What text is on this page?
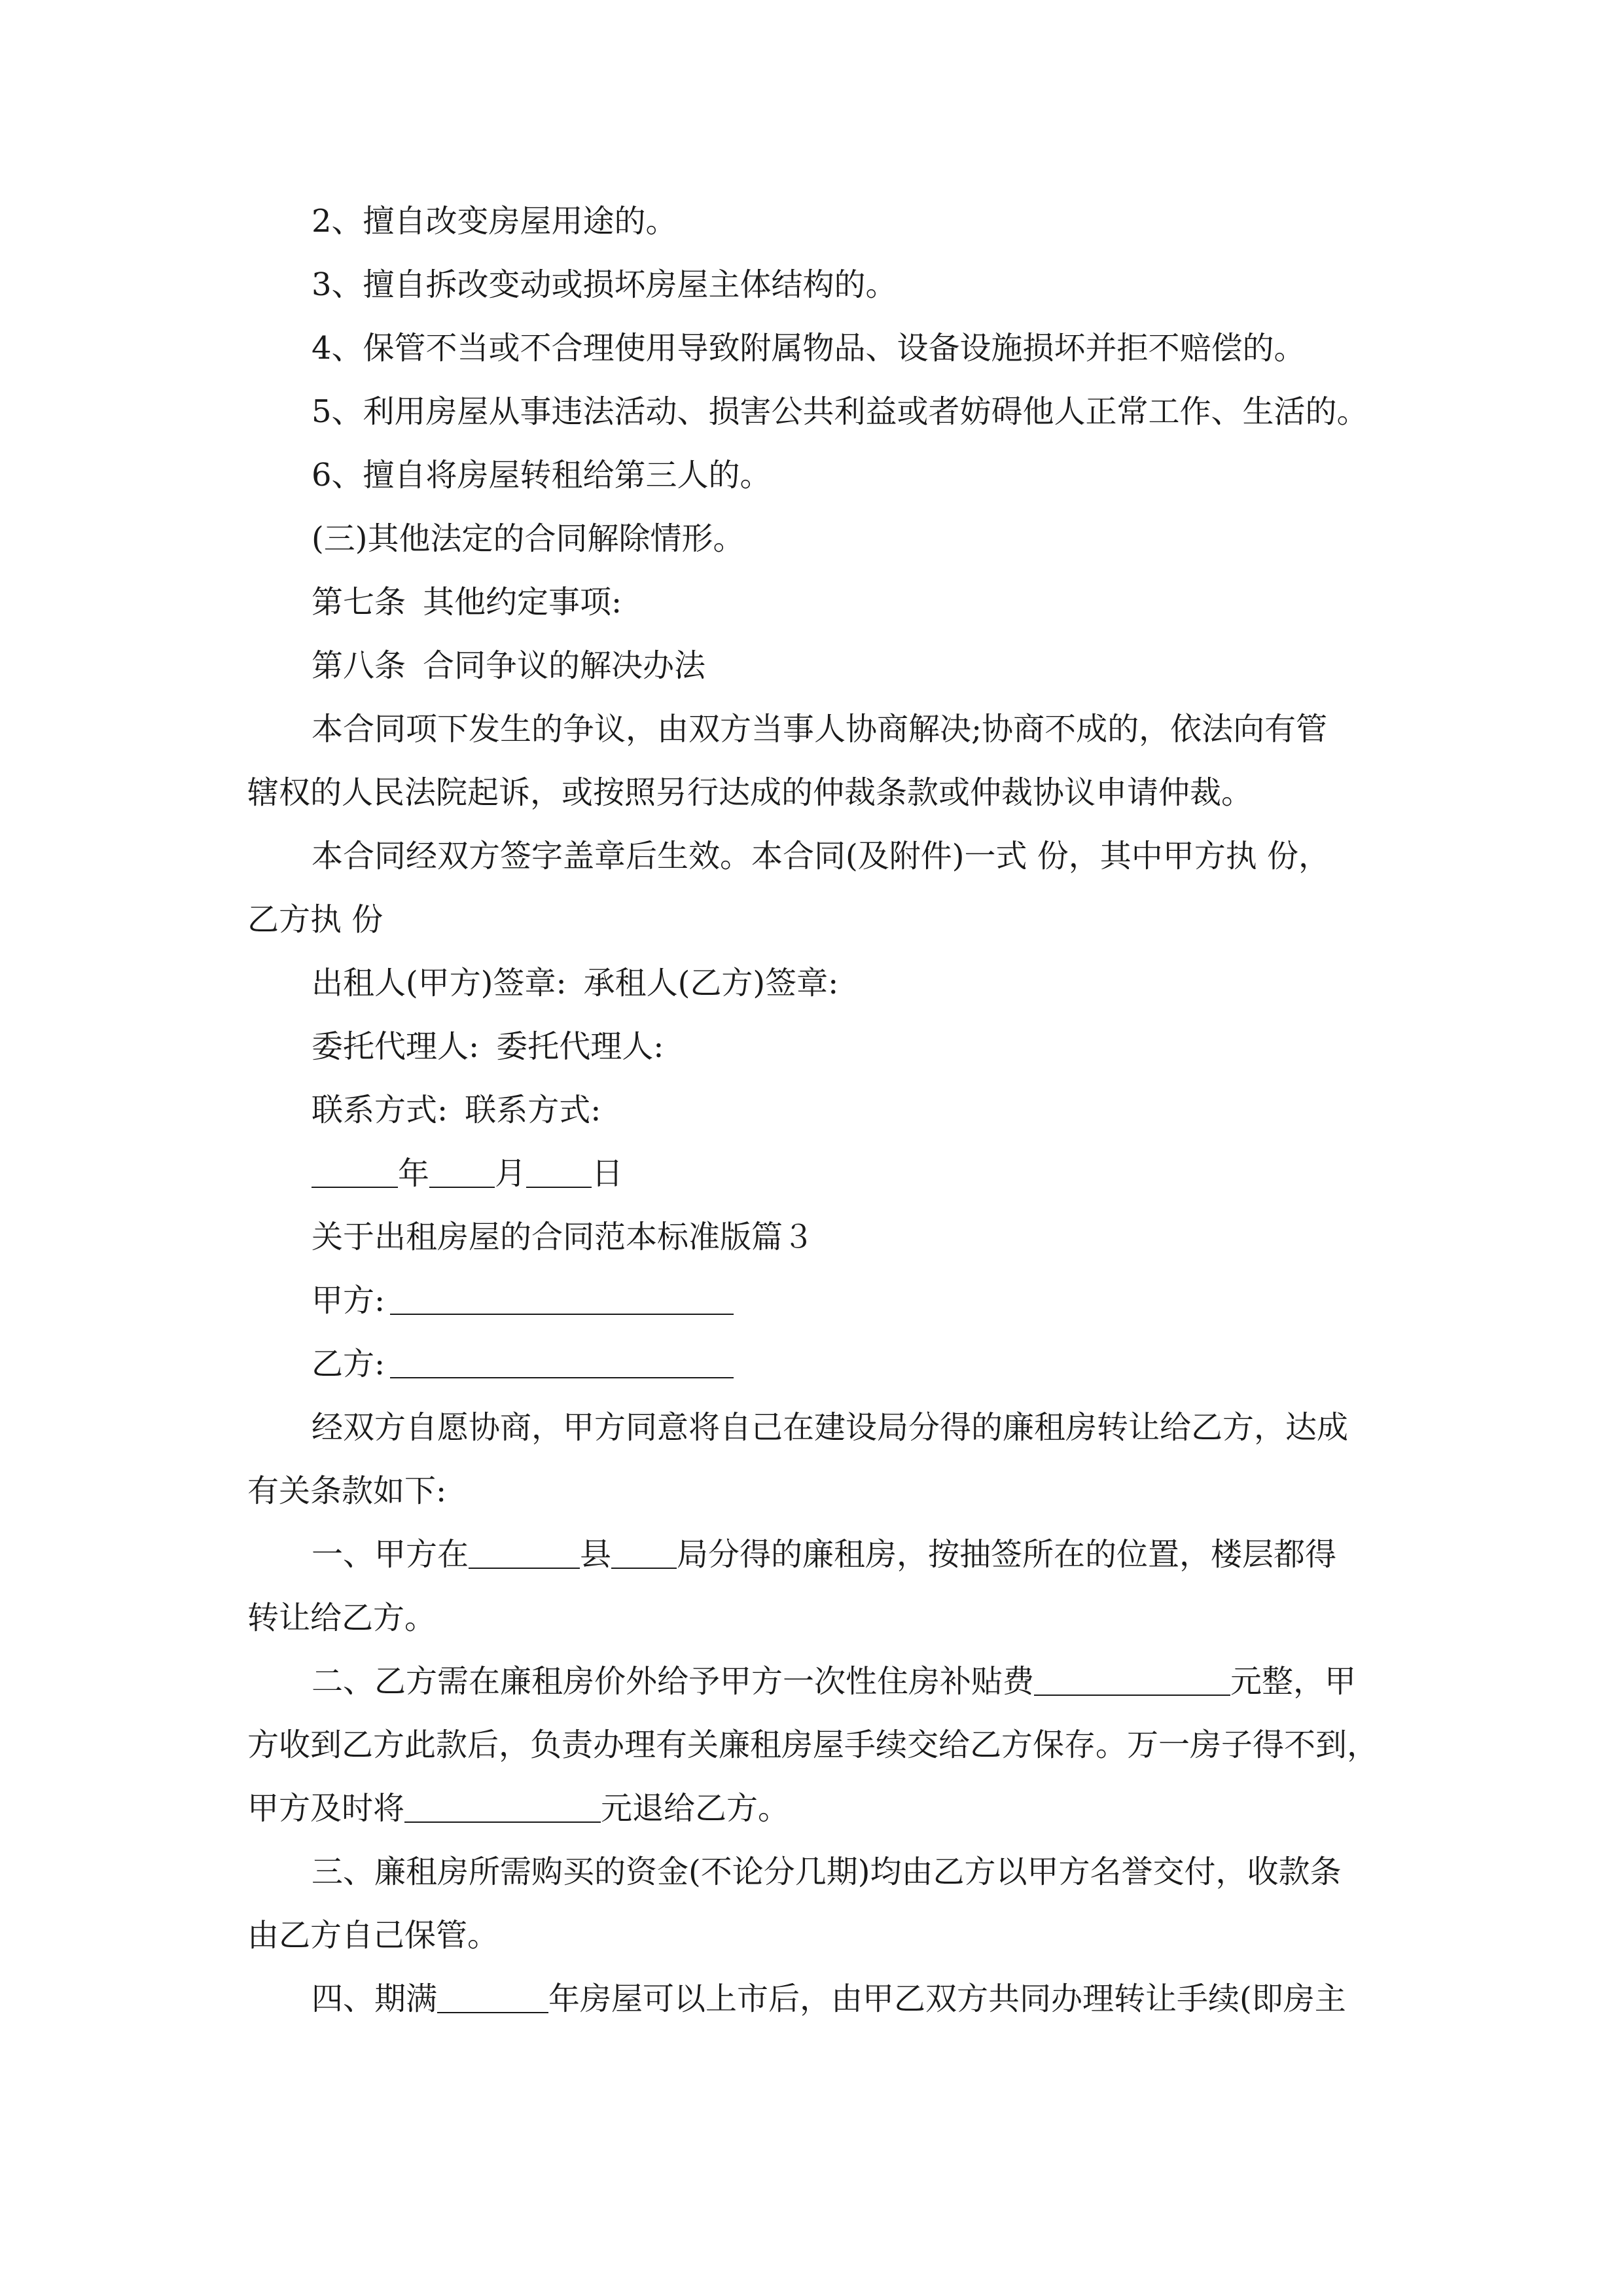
2、擅自改变房屋用途的。
3、擅自拆改变动或损坏房屋主体结构的。
4、保管不当或不合理使用导致附属物品、设备设施损坏并拒不赔偿的。
5、利用房屋从事违法活动、损害公共利益或者妨碍他人正常工作、生活的。
6、擅自将房屋转租给第三人的。
(三)其他法定的合同解除情形。
第七条 其他约定事项:
第八条 合同争议的解决办法
本合同项下发生的争议，由双方当事人协商解决;协商不成的，依法向有管
辖权的人民法院起诉，或按照另行达成的仲裁条款或仲裁协议申请仲裁。
本合同经双方签字盖章后生效。本合同(及附件)一式 份，其中甲方执 份，
乙方执 份
出租人(甲方)签章: 承租人(乙方)签章:
委托代理人: 委托代理人:
联系方式: 联系方式:
年 月 日
关于出租房屋的合同范本标准版篇３
甲方:
乙方:
经双方自愿协商，甲方同意将自己在建设局分得的廉租房转让给乙方，达成
有关条款如下:
一、甲方在	县 局分得的廉租房，按抽签所在的位置，楼层都得
转让给乙方。
二、乙方需在廉租房价外给予甲方一次性住房补贴费	元整，甲
方收到乙方此款后，负责办理有关廉租房屋手续交给乙方保存。万一房子得不到，
甲方及时将	元退给乙方。
三、廉租房所需购买的资金(不论分几期)均由乙方以甲方名誉交付，收款条
由乙方自己保管。
四、期满	年房屋可以上市后，由甲乙双方共同办理转让手续(即房主
